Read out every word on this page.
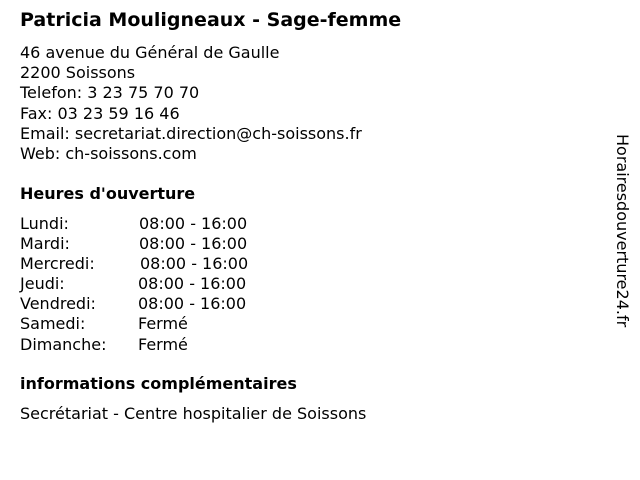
Patricia Mouligneaux - Sage-femme
46 avenue du Général de Gaulle
2200 Soissons
Telefon: 3 23 75 70 70
Fax: 03 23 59 16 46
Email: secretariat.direction@ch-soissons.fr
Web: ch-soissons.com
Heures d'ouverture
Lundi:	08:00 - 16:00
Mardi:	08:00 - 16:00
Mercredi:	08:00 - 16:00
Jeudi:	08:00 - 16:00
Vendredi:	08:00 - 16:00
Samedi:	Fermé
Dimanche:	Fermé
informations complémentaires
Secrétariat - Centre hospitalier de Soissons
Horairesdouverture24.fr
